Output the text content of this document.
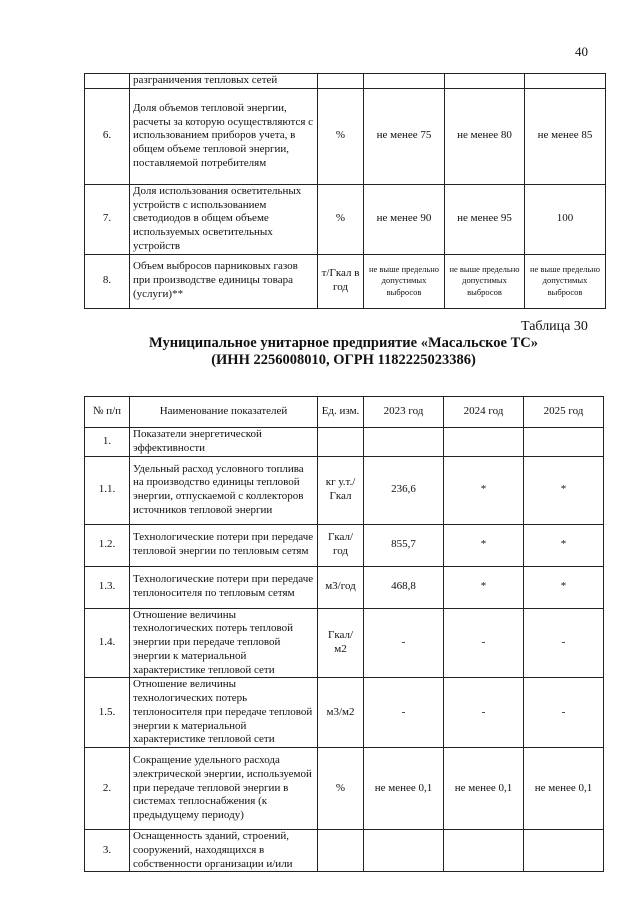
40
	разграничения тепловых сетей				
6.	Доля объемов тепловой энергии, расчеты за которую осуществляются с использованием приборов учета, в общем объеме тепловой энергии, поставляемой потребителям	%	не менее 75	не менее 80	не менее 85
7.	Доля использования осветительных устройств с использованием светодиодов в общем объеме используемых осветительных устройств	%	не менее 90	не менее 95	100
8.	Объем выбросов парниковых газов при производстве единицы товара (услуги)**	т/Гкал в год	не выше предельно допустимых выбросов	не выше предельно допустимых выбросов	не выше предельно допустимых выбросов
Таблица 30
Муниципальное унитарное предприятие «Масальское ТС»
(ИНН 2256008010, ОГРН 1182225023386)
№ п/п	Наименование показателей	Ед. изм.	2023 год	2024 год	2025 год
1.	Показатели энергетической эффективности				
1.1.	Удельный расход условного топлива на производство единицы тепловой энергии, отпускаемой с коллекторов источников тепловой энергии	кг у.т./ Гкал	236,6	*	*
1.2.	Технологические потери при передаче тепловой энергии по тепловым сетям	Гкал/ год	855,7	*	*
1.3.	Технологические потери при передаче теплоносителя по тепловым сетям	м3/год	468,8	*	*
1.4.	Отношение величины технологических потерь тепловой энергии при передаче тепловой энергии к материальной характеристике тепловой сети	Гкал/ м2	-	-	-
1.5.	Отношение величины технологических потерь теплоносителя при передаче тепловой энергии к материальной характеристике тепловой сети	м3/м2	-	-	-
2.	Сокращение удельного расхода электрической энергии, используемой при передаче тепловой энергии в системах теплоснабжения (к предыдущему периоду)	%	не менее 0,1	не менее 0,1	не менее 0,1
3.	Оснащенность зданий, строений, сооружений, находящихся в собственности организации и/или				
